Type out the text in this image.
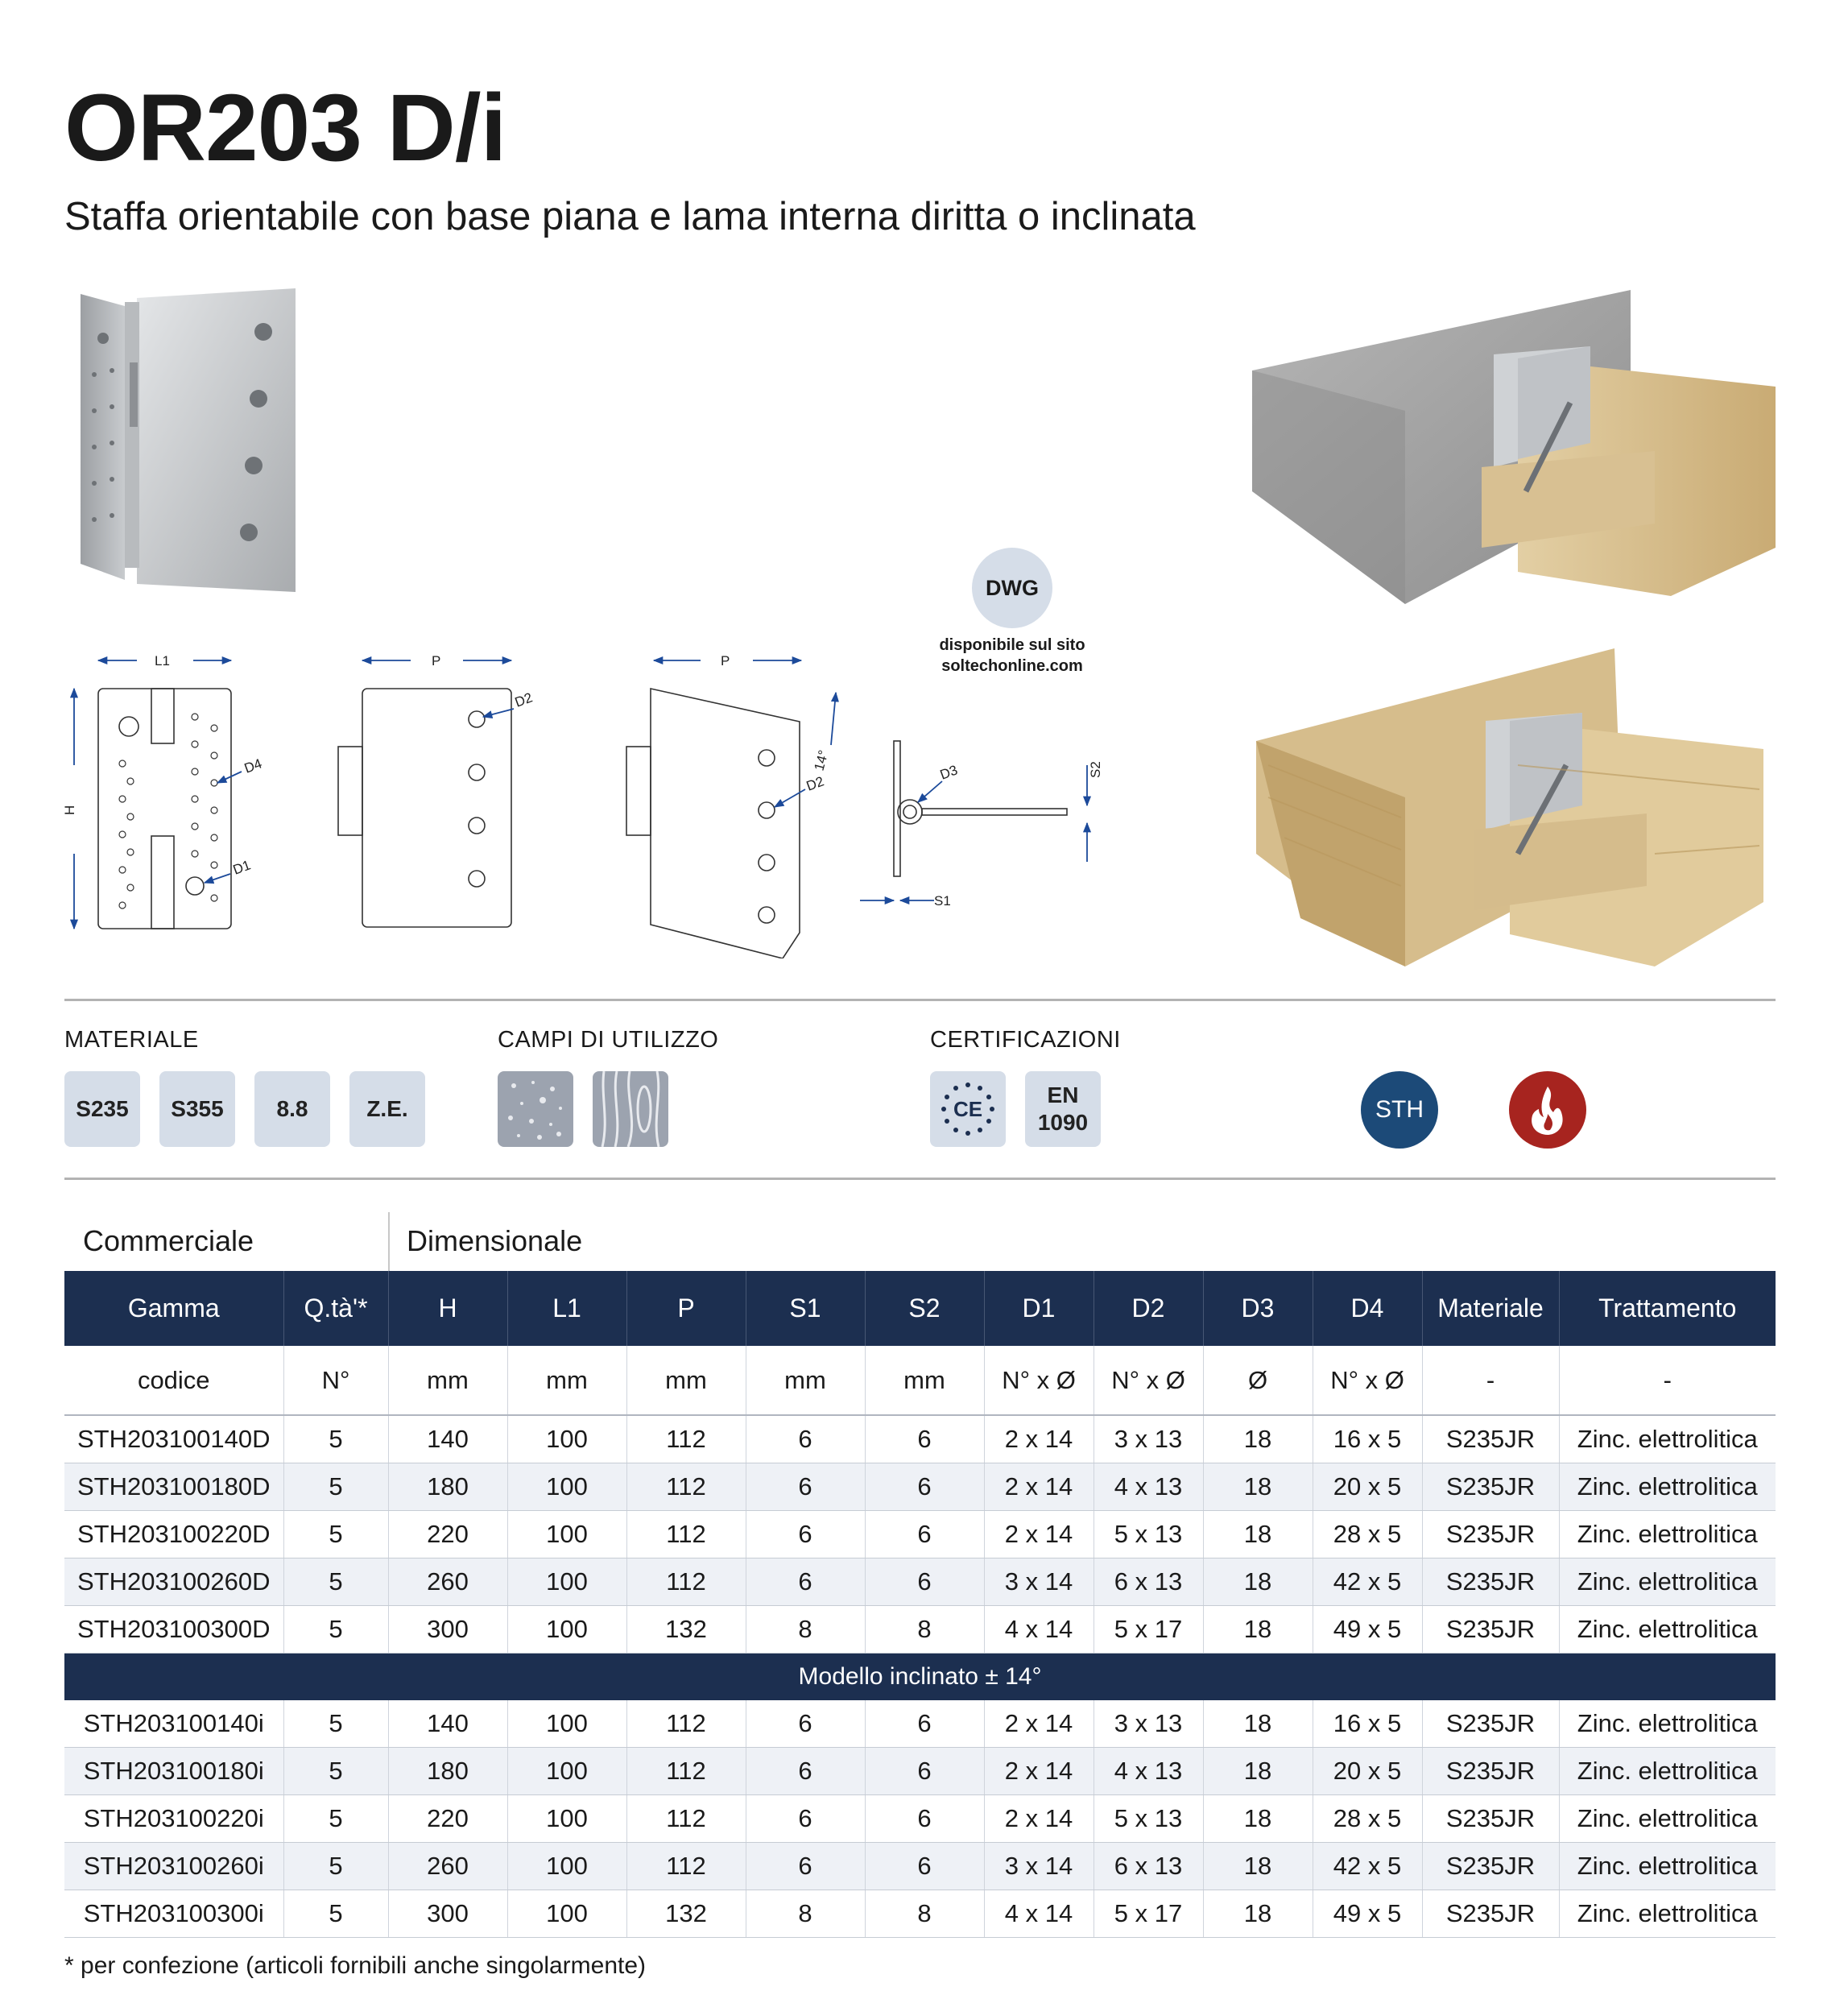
OR203 D/i
Staffa orientabile con base piana e lama interna diritta o inclinata
L1
H
P	P
D4
D1
D2
D2
14°
D3	S2
S1
DWG
disponibile sul sito
soltechonline.com
MATERIALE	CAMPI DI UTILIZZO	CERTIFICAZIONI
S235	S355	8.8	Z.E.	CE
EN
1090	STH
Commerciale	Dimensionale
Gamma	Q.tà'*	H	L1	P	S1	S2	D1	D2	D3	D4	Materiale	Trattamento
codice	N°	mm	mm	mm	mm	mm	N° x Ø	N° x Ø	Ø	N° x Ø	-	-
STH203100140D	5	140	100	112	6	6	2 x 14	3 x 13	18	16 x 5	S235JR	Zinc. elettrolitica
STH203100180D	5	180	100	112	6	6	2 x 14	4 x 13	18	20 x 5	S235JR	Zinc. elettrolitica
STH203100220D	5	220	100	112	6	6	2 x 14	5 x 13	18	28 x 5	S235JR	Zinc. elettrolitica
STH203100260D	5	260	100	112	6	6	3 x 14	6 x 13	18	42 x 5	S235JR	Zinc. elettrolitica
STH203100300D	5	300	100	132	8	8	4 x 14	5 x 17	18	49 x 5	S235JR	Zinc. elettrolitica
Modello inclinato ± 14°												
STH203100140i	5	140	100	112	6	6	2 x 14	3 x 13	18	16 x 5	S235JR	Zinc. elettrolitica
STH203100180i	5	180	100	112	6	6	2 x 14	4 x 13	18	20 x 5	S235JR	Zinc. elettrolitica
STH203100220i	5	220	100	112	6	6	2 x 14	5 x 13	18	28 x 5	S235JR	Zinc. elettrolitica
STH203100260i	5	260	100	112	6	6	3 x 14	6 x 13	18	42 x 5	S235JR	Zinc. elettrolitica
STH203100300i	5	300	100	132	8	8	4 x 14	5 x 17	18	49 x 5	S235JR	Zinc. elettrolitica
* per confezione (articoli fornibili anche singolarmente)
